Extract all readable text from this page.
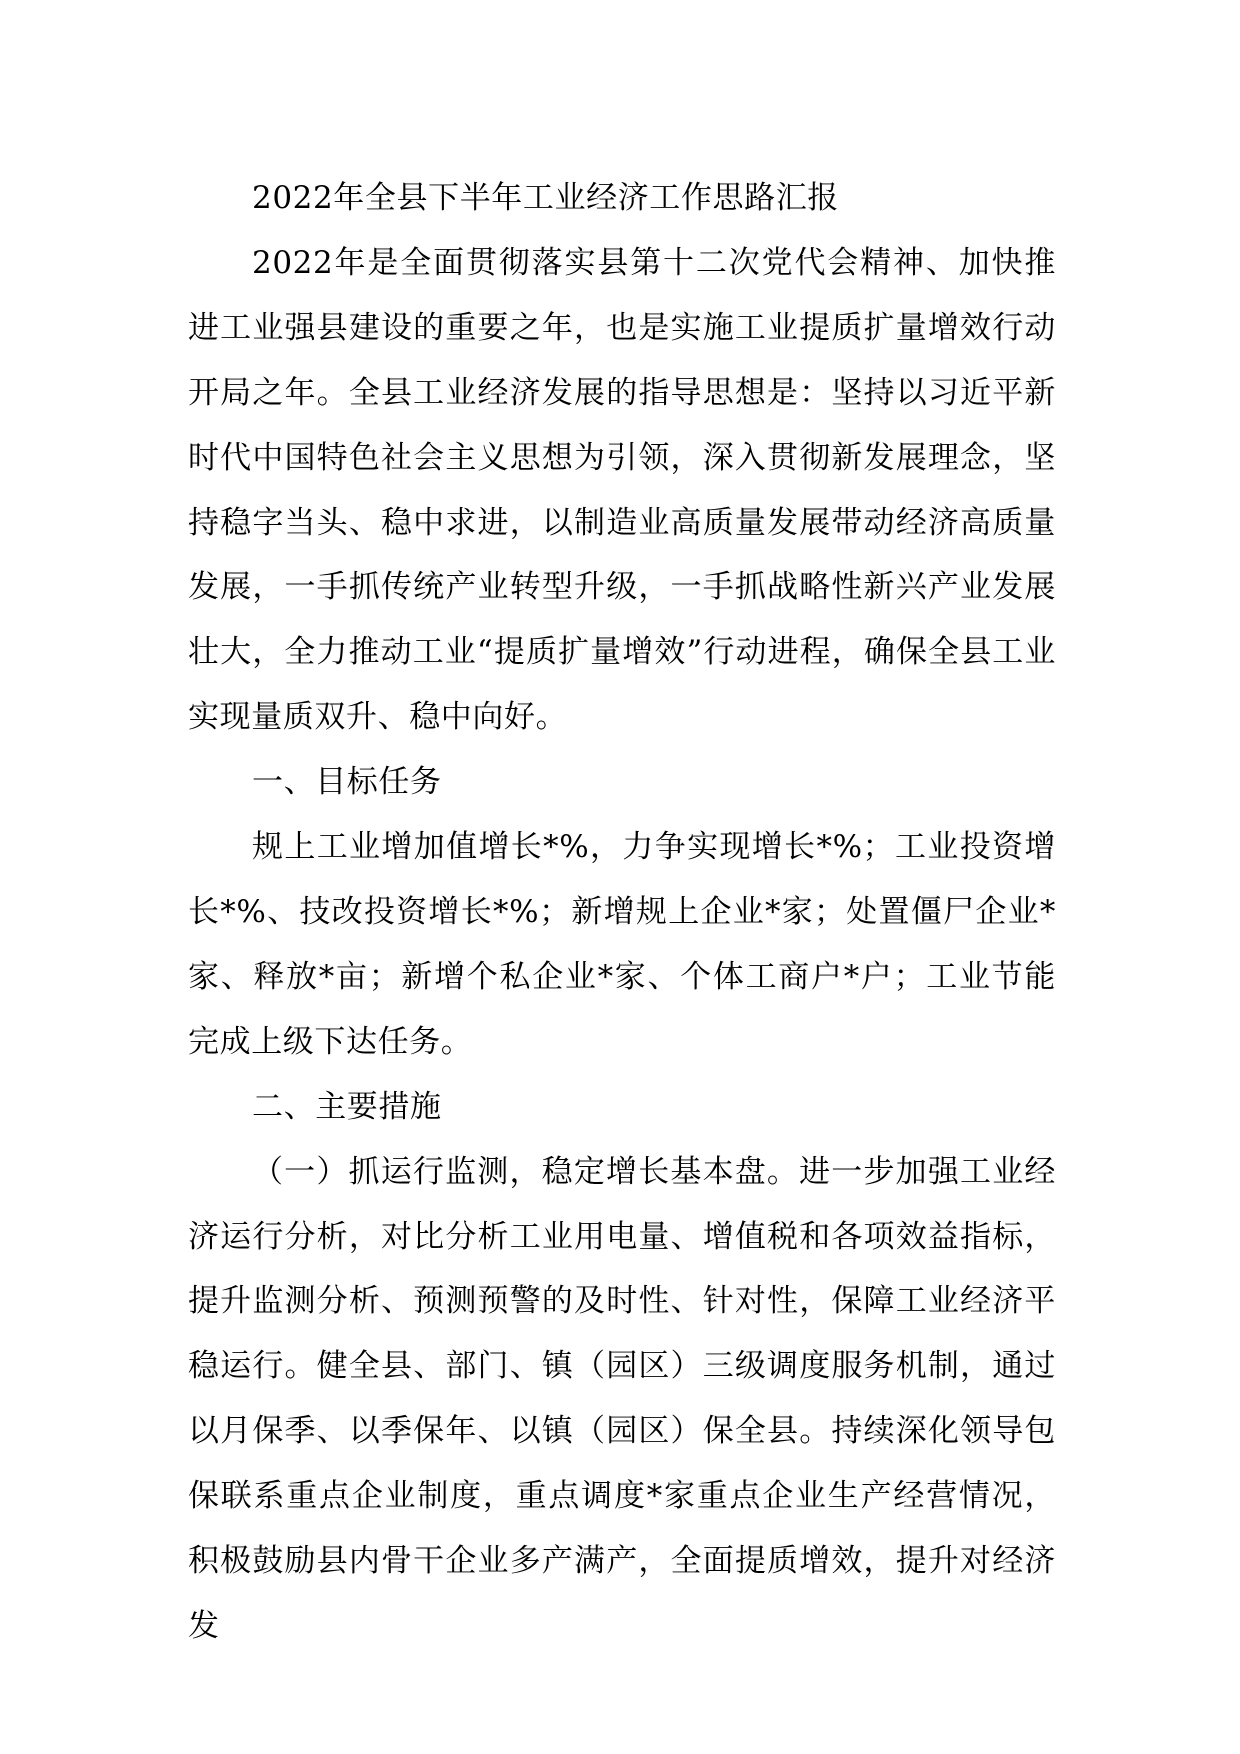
2022年全县下半年工业经济工作思路汇报

2022年是全面贯彻落实县第十二次党代会精神、加快推进工业强县建设的重要之年，也是实施工业提质扩量增效行动开局之年。全县工业经济发展的指导思想是：坚持以习近平新时代中国特色社会主义思想为引领，深入贯彻新发展理念，坚持稳字当头、稳中求进，以制造业高质量发展带动经济高质量发展，一手抓传统产业转型升级，一手抓战略性新兴产业发展壮大，全力推动工业“提质扩量增效”行动进程，确保全县工业实现量质双升、稳中向好。

一、目标任务

规上工业增加值增长*%，力争实现增长*%；工业投资增长*%、技改投资增长*%；新增规上企业*家；处置僵尸企业*家、释放*亩；新增个私企业*家、个体工商户*户；工业节能完成上级下达任务。

二、主要措施

（一）抓运行监测，稳定增长基本盘。进一步加强工业经济运行分析，对比分析工业用电量、增值税和各项效益指标，提升监测分析、预测预警的及时性、针对性，保障工业经济平稳运行。健全县、部门、镇（园区）三级调度服务机制，通过以月保季、以季保年、以镇（园区）保全县。持续深化领导包保联系重点企业制度，重点调度*家重点企业生产经营情况，积极鼓励县内骨干企业多产满产，全面提质增效，提升对经济发
